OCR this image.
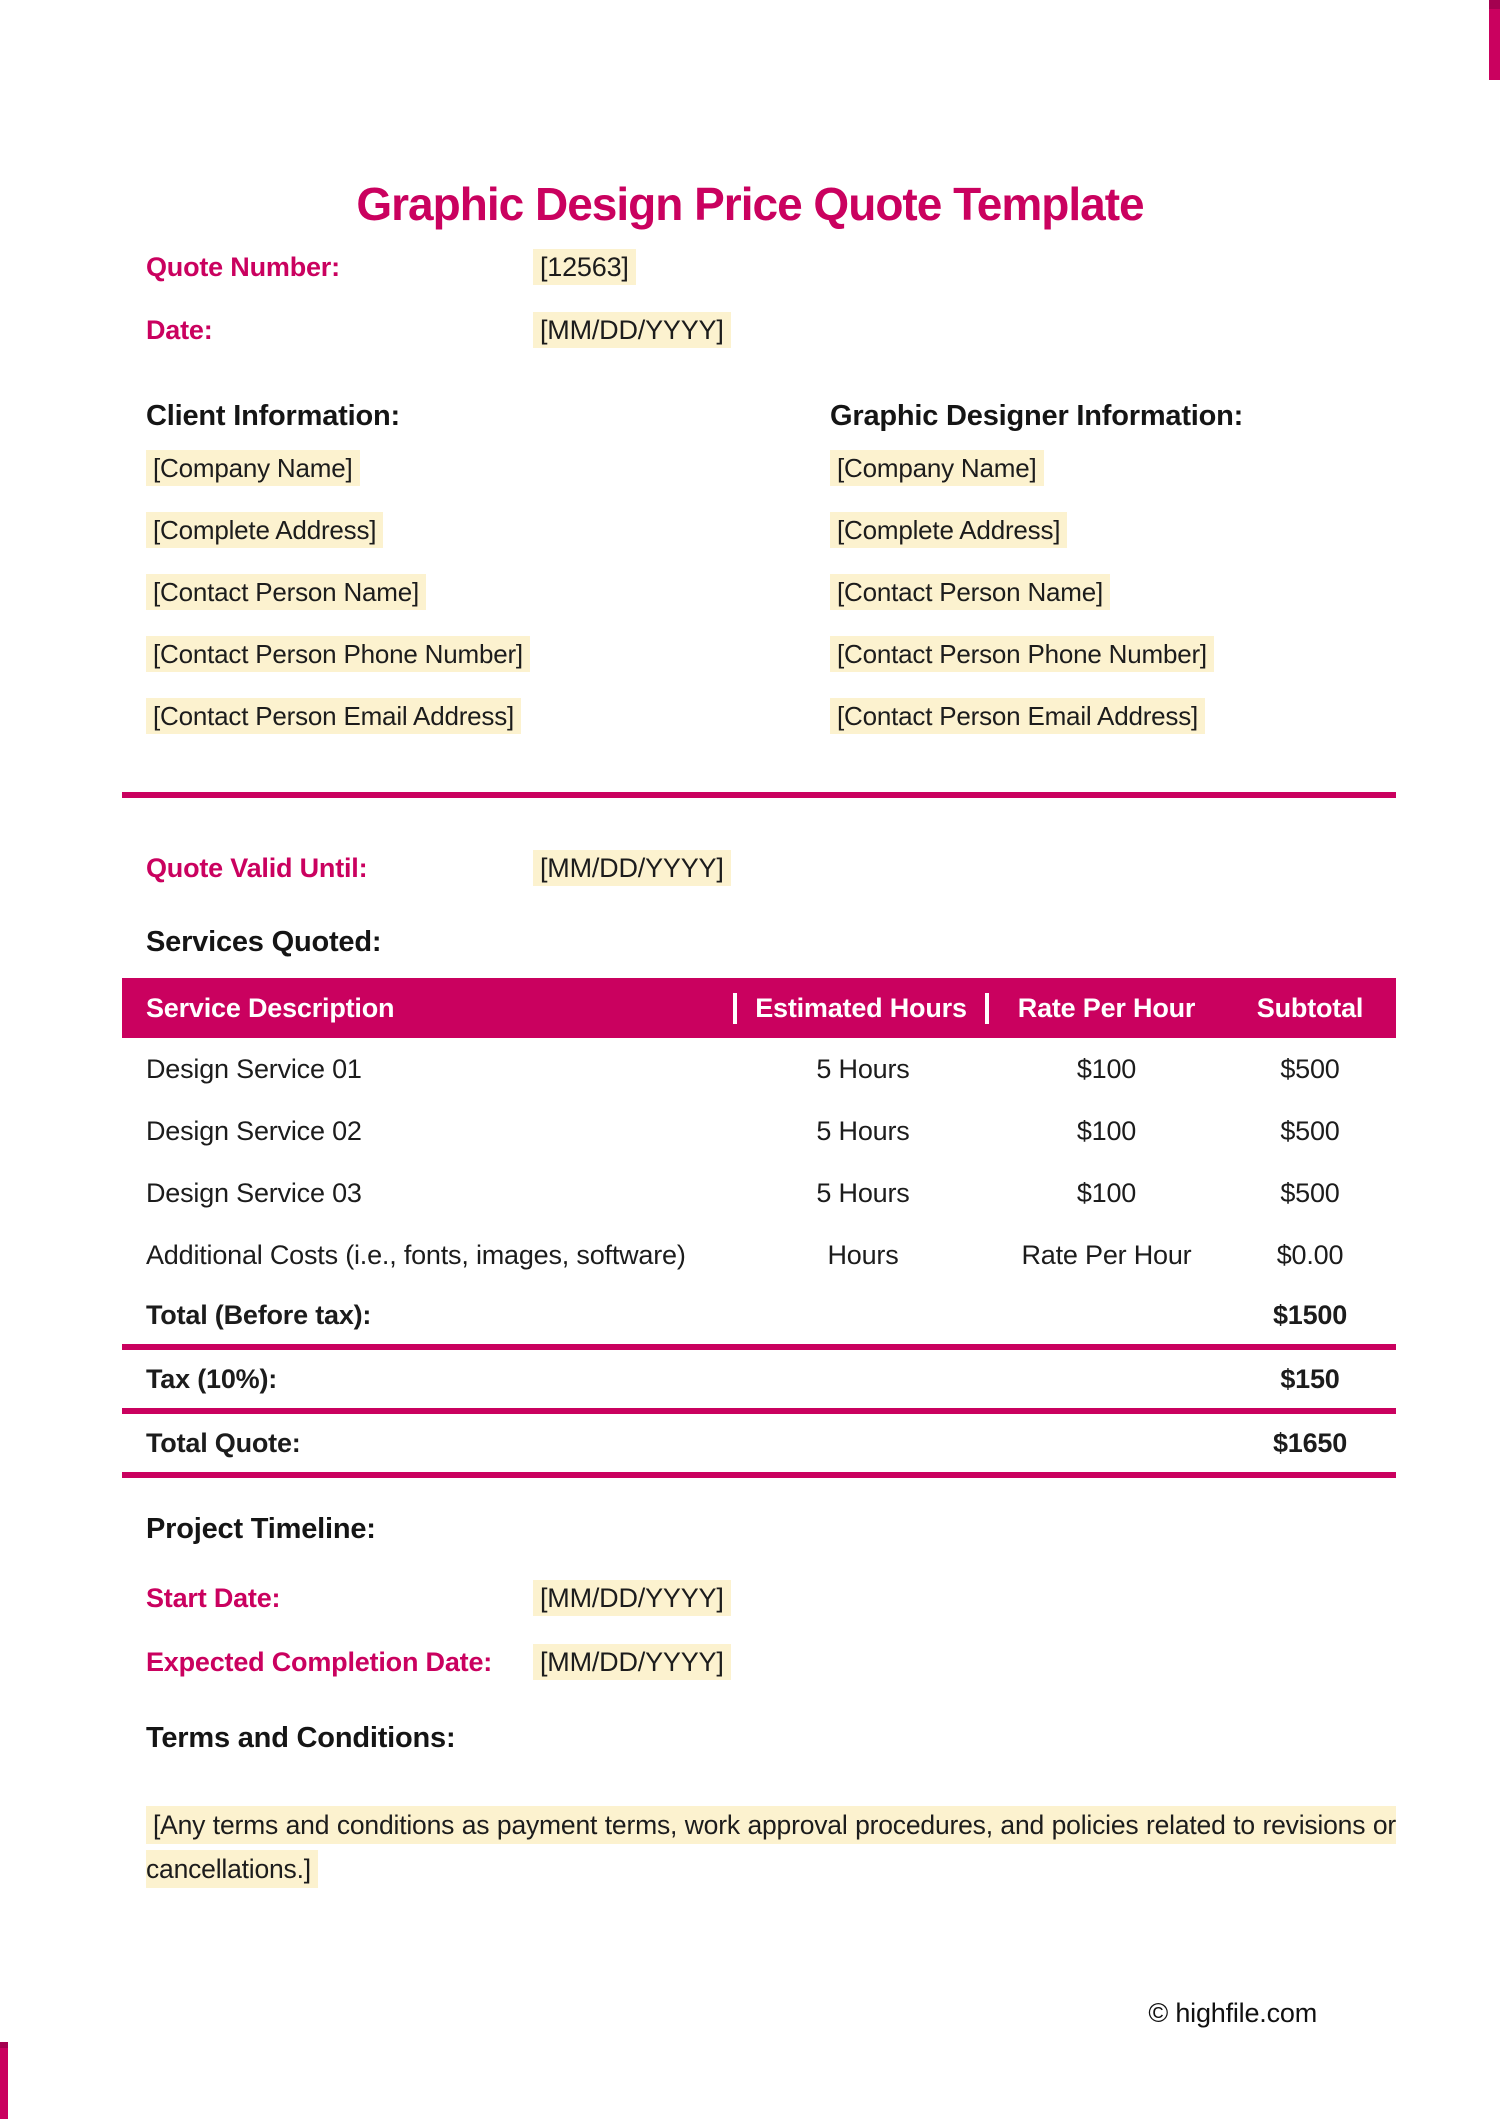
Graphic Design Price Quote Template
Quote Number:	[12563]
Date:	[MM/DD/YYYY]
Client Information:	Graphic Designer Information:
[Company Name]
[Complete Address]
[Contact Person Name]
[Contact Person Phone Number]
[Contact Person Email Address]
[Company Name]
[Complete Address]
[Contact Person Name]
[Contact Person Phone Number]
[Contact Person Email Address]
Quote Valid Until:	[MM/DD/YYYY]
Services Quoted:
Service Description	Estimated Hours	Rate Per Hour	Subtotal
Design Service 01	5 Hours	$100	$500
Design Service 02	5 Hours	$100	$500
Design Service 03	5 Hours	$100	$500
Additional Costs (i.e., fonts, images, software)	Hours	Rate Per Hour	$0.00
Total (Before tax):	$1500
Tax (10%):	$150
Total Quote:	$1650
Project Timeline:
Start Date:	[MM/DD/YYYY]
Expected Completion Date: [MM/DD/YYYY]
Terms and Conditions:

[Any terms and conditions as payment terms, work approval procedures, and policies related to revisions or cancellations.]

© highfile.com
